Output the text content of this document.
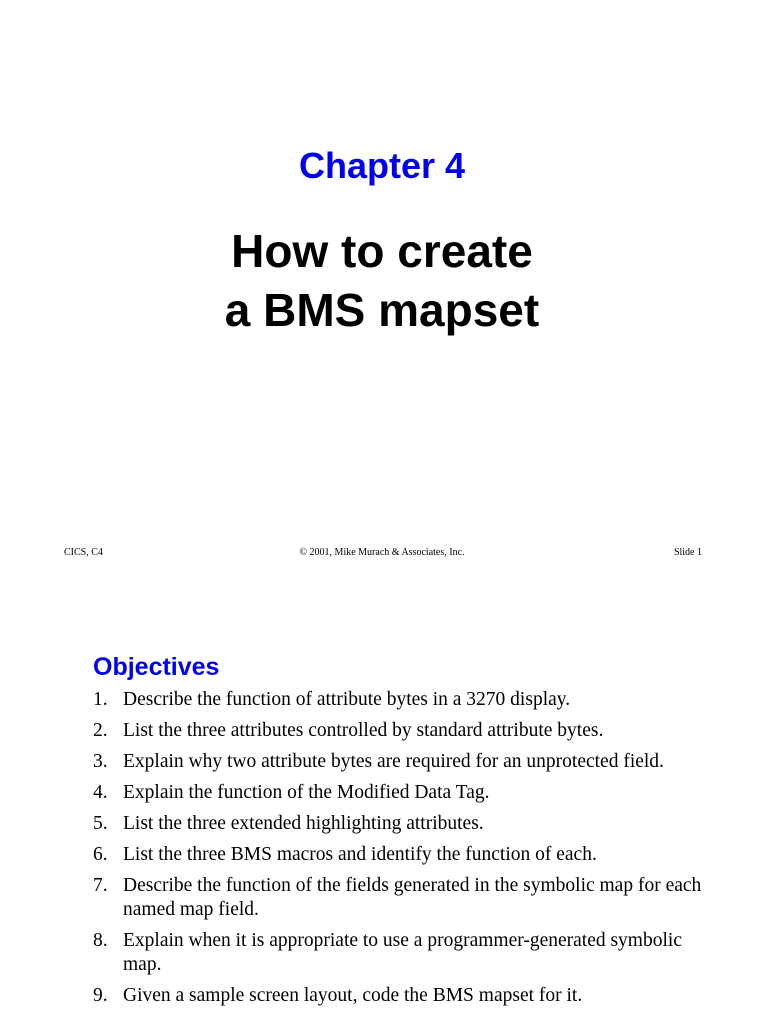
Chapter 4
How to create
a BMS mapset
CICS, C4	© 2001, Mike Murach & Associates, Inc.	Slide 1
Objectives
1. Describe the function of attribute bytes in a 3270 display.
2. List the three attributes controlled by standard attribute bytes.
3. Explain why two attribute bytes are required for an unprotected field.
4. Explain the function of the Modified Data Tag.
5. List the three extended highlighting attributes.
6. List the three BMS macros and identify the function of each.
7. Describe the function of the fields generated in the symbolic map for each named map field.
8. Explain when it is appropriate to use a programmer-generated symbolic map.
9. Given a sample screen layout, code the BMS mapset for it.
